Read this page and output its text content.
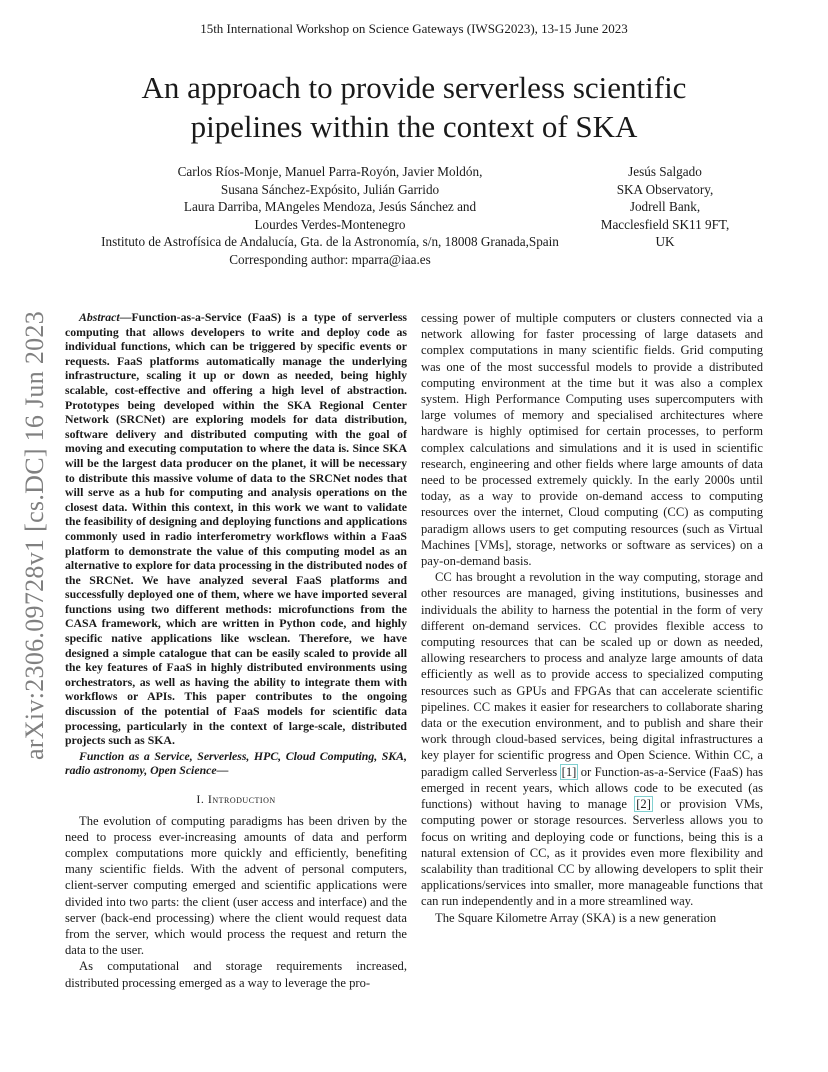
15th International Workshop on Science Gateways (IWSG2023), 13-15 June 2023
An approach to provide serverless scientific
pipelines within the context of SKA
Carlos Ríos-Monje, Manuel Parra-Royón, Javier Moldón,
Susana Sánchez-Expósito, Julián Garrido
Laura Darriba, MAngeles Mendoza, Jesús Sánchez and
Lourdes Verdes-Montenegro
Instituto de Astrofísica de Andalucía, Gta. de la Astronomía, s/n, 18008 Granada,Spain
Corresponding author: mparra@iaa.es
Jesús Salgado
SKA Observatory,
Jodrell Bank,
Macclesfield SK11 9FT,
UK
arXiv:2306.09728v1 [cs.DC] 16 Jun 2023	Abstract—Function-as-a-Service (FaaS) is a type of serverless computing that allows developers to write and deploy code as individual functions, which can be triggered by specific events or requests. FaaS platforms automatically manage the underlying infrastructure, scaling it up or down as needed, being highly scalable, cost-effective and offering a high level of abstraction. Prototypes being developed within the SKA Regional Center Network (SRCNet) are exploring models for data distribution, software delivery and distributed computing with the goal of moving and executing computation to where the data is. Since SKA will be the largest data producer on the planet, it will be necessary to distribute this massive volume of data to the SRCNet nodes that will serve as a hub for computing and analysis operations on the closest data. Within this context, in this work we want to validate the feasibility of designing and deploying functions and applications commonly used in radio interferometry workflows within a FaaS platform to demonstrate the value of this computing model as an alternative to explore for data processing in the distributed nodes of the SRCNet. We have analyzed several FaaS platforms and successfully deployed one of them, where we have imported several functions using two different methods: microfunctions from the CASA framework, which are written in Python code, and highly specific native applications like wsclean. Therefore, we have designed a simple catalogue that can be easily scaled to provide all the key features of FaaS in highly distributed environments using orchestrators, as well as having the ability to integrate them with workflows or APIs. This paper contributes to the ongoing discussion of the potential of FaaS models for scientific data processing, particularly in the context of large-scale, distributed projects such as SKA.

Function as a Service, Serverless, HPC, Cloud Computing, SKA, radio astronomy, Open Science—

I. Introduction

The evolution of computing paradigms has been driven by the need to process ever-increasing amounts of data and perform complex computations more quickly and efficiently, benefiting many scientific fields. With the advent of personal computers, client-server computing emerged and scientific applications were divided into two parts: the client (user access and interface) and the server (back-end processing) where the client would request data from the server, which would process the request and return the data to the user.

As computational and storage requirements increased, distributed processing emerged as a way to leverage the pro-

cessing power of multiple computers or clusters connected via a network allowing for faster processing of large datasets and complex computations in many scientific fields. Grid computing was one of the most successful models to provide a distributed computing environment at the time but it was also a complex system. High Performance Computing uses supercomputers with large volumes of memory and specialised architectures where hardware is highly optimised for certain processes, to perform complex calculations and simulations and it is used in scientific research, engineering and other fields where large amounts of data need to be processed extremely quickly. In the early 2000s until today, as a way to provide on-demand access to computing resources over the internet, Cloud computing (CC) as computing paradigm allows users to get computing resources (such as Virtual Machines [VMs], storage, networks or software as services) on a pay-on-demand basis.

CC has brought a revolution in the way computing, storage and other resources are managed, giving institutions, businesses and individuals the ability to harness the potential in the form of very different on-demand services. CC provides flexible access to computing resources that can be scaled up or down as needed, allowing researchers to process and analyze large amounts of data efficiently as well as to provide access to specialized computing resources such as GPUs and FPGAs that can accelerate scientific pipelines. CC makes it easier for researchers to collaborate sharing data or the execution environment, and to publish and share their work through cloud-based services, being digital infrastructures a key player for scientific progress and Open Science. Within CC, a paradigm called Serverless [1] or Function-as-a-Service (FaaS) has emerged in recent years, which allows code to be executed (as functions) without having to manage [2] or provision VMs, computing power or storage resources. Serverless allows you to focus on writing and deploying code or functions, being this is a natural extension of CC, as it provides even more flexibility and scalability than traditional CC by allowing developers to split their applications/services into smaller, more manageable functions that can run independently and in a more streamlined way.

The Square Kilometre Array (SKA) is a new generation
